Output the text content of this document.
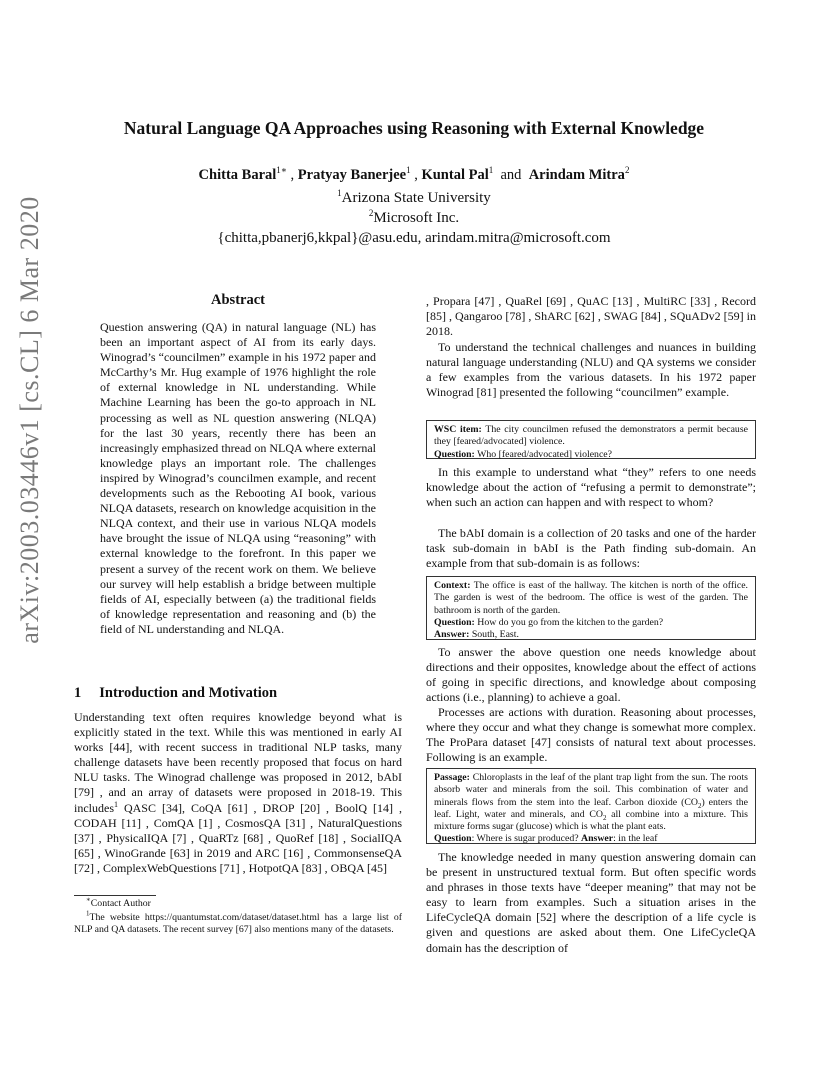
arXiv:2003.03446v1 [cs.CL] 6 Mar 2020
Natural Language QA Approaches using Reasoning with External Knowledge
Chitta Baral$^{1∗}$ , Pratyay Banerjee$^1$ , Kuntal Pal$^1$ and Arindam Mitra$^2$
$^1$Arizona State University
$^2$Microsoft Inc.
{chitta,pbanerj6,kkpal}@asu.edu, arindam.mitra@microsoft.com
Abstract
Question answering (QA) in natural language (NL) has been an important aspect of AI from its early days. Winograd’s “councilmen” example in his 1972 paper and McCarthy’s Mr. Hug example of 1976 highlight the role of external knowledge in NL understanding. While Machine Learning has been the go-to approach in NL processing as well as NL question answering (NLQA) for the last 30 years, recently there has been an increasingly emphasized thread on NLQA where external knowledge plays an important role. The challenges inspired by Winograd’s councilmen example, and recent developments such as the Rebooting AI book, various NLQA datasets, research on knowledge acquisition in the NLQA context, and their use in various NLQA models have brought the issue of NLQA using “reasoning” with external knowledge to the forefront. In this paper we present a survey of the recent work on them. We believe our survey will help establish a bridge between multiple fields of AI, especially between (a) the traditional fields of knowledge representation and reasoning and (b) the field of NL understanding and NLQA.
1 Introduction and Motivation
Understanding text often requires knowledge beyond what is explicitly stated in the text. While this was mentioned in early AI works [44], with recent success in traditional NLP tasks, many challenge datasets have been recently proposed that focus on hard NLU tasks. The Winograd challenge was proposed in 2012, bAbI [79] , and an array of datasets were proposed in 2018-19. This includes$^1$ QASC [34], CoQA [61] , DROP [20] , BoolQ [14] , CODAH [11] , ComQA [1] , CosmosQA [31] , NaturalQuestions [37] , PhysicalIQA [7] , QuaRTz [68] , QuoRef [18] , SocialIQA [65] , WinoGrande [63] in 2019 and ARC [16] , CommonsenseQA [72] , ComplexWebQuestions [71] , HotpotQA [83] , OBQA [45]
∗Contact Author
$^1$The website https://quantumstat.com/dataset/dataset.html has a large list of NLP and QA datasets. The recent survey [67] also mentions many of the datasets.
, Propara [47] , QuaRel [69] , QuAC [13] , MultiRC [33] , Record [85] , Qangaroo [78] , ShARC [62] , SWAG [84] , SQuADv2 [59] in 2018.
To understand the technical challenges and nuances in building natural language understanding (NLU) and QA systems we consider a few examples from the various datasets. In his 1972 paper Winograd [81] presented the following “councilmen” example.
WSC item: The city councilmen refused the demonstrators a permit because they [feared/advocated] violence.
Question: Who [feared/advocated] violence?
In this example to understand what “they” refers to one needs knowledge about the action of “refusing a permit to demonstrate”; when such an action can happen and with respect to whom?
The bAbI domain is a collection of 20 tasks and one of the harder task sub-domain in bAbI is the Path finding sub-domain. An example from that sub-domain is as follows:
Context: The office is east of the hallway. The kitchen is north of the office. The garden is west of the bedroom. The office is west of the garden. The bathroom is north of the garden.
Question: How do you go from the kitchen to the garden?
Answer: South, East.
To answer the above question one needs knowledge about directions and their opposites, knowledge about the effect of actions of going in specific directions, and knowledge about composing actions (i.e., planning) to achieve a goal.
Processes are actions with duration. Reasoning about processes, where they occur and what they change is somewhat more complex. The ProPara dataset [47] consists of natural text about processes. Following is an example.
Passage: Chloroplasts in the leaf of the plant trap light from the sun. The roots absorb water and minerals from the soil. This combination of water and minerals flows from the stem into the leaf. Carbon dioxide $(CO_2)$ enters the leaf. Light, water and minerals, and $CO_2$ all combine into a mixture. This mixture forms sugar (glucose) which is what the plant eats.
Question: Where is sugar produced? Answer: in the leaf
The knowledge needed in many question answering domain can be present in unstructured textual form. But often specific words and phrases in those texts have “deeper meaning” that may not be easy to learn from examples. Such a situation arises in the LifeCycleQA domain [52] where the description of a life cycle is given and questions are asked about them. One LifeCycleQA domain has the description of
